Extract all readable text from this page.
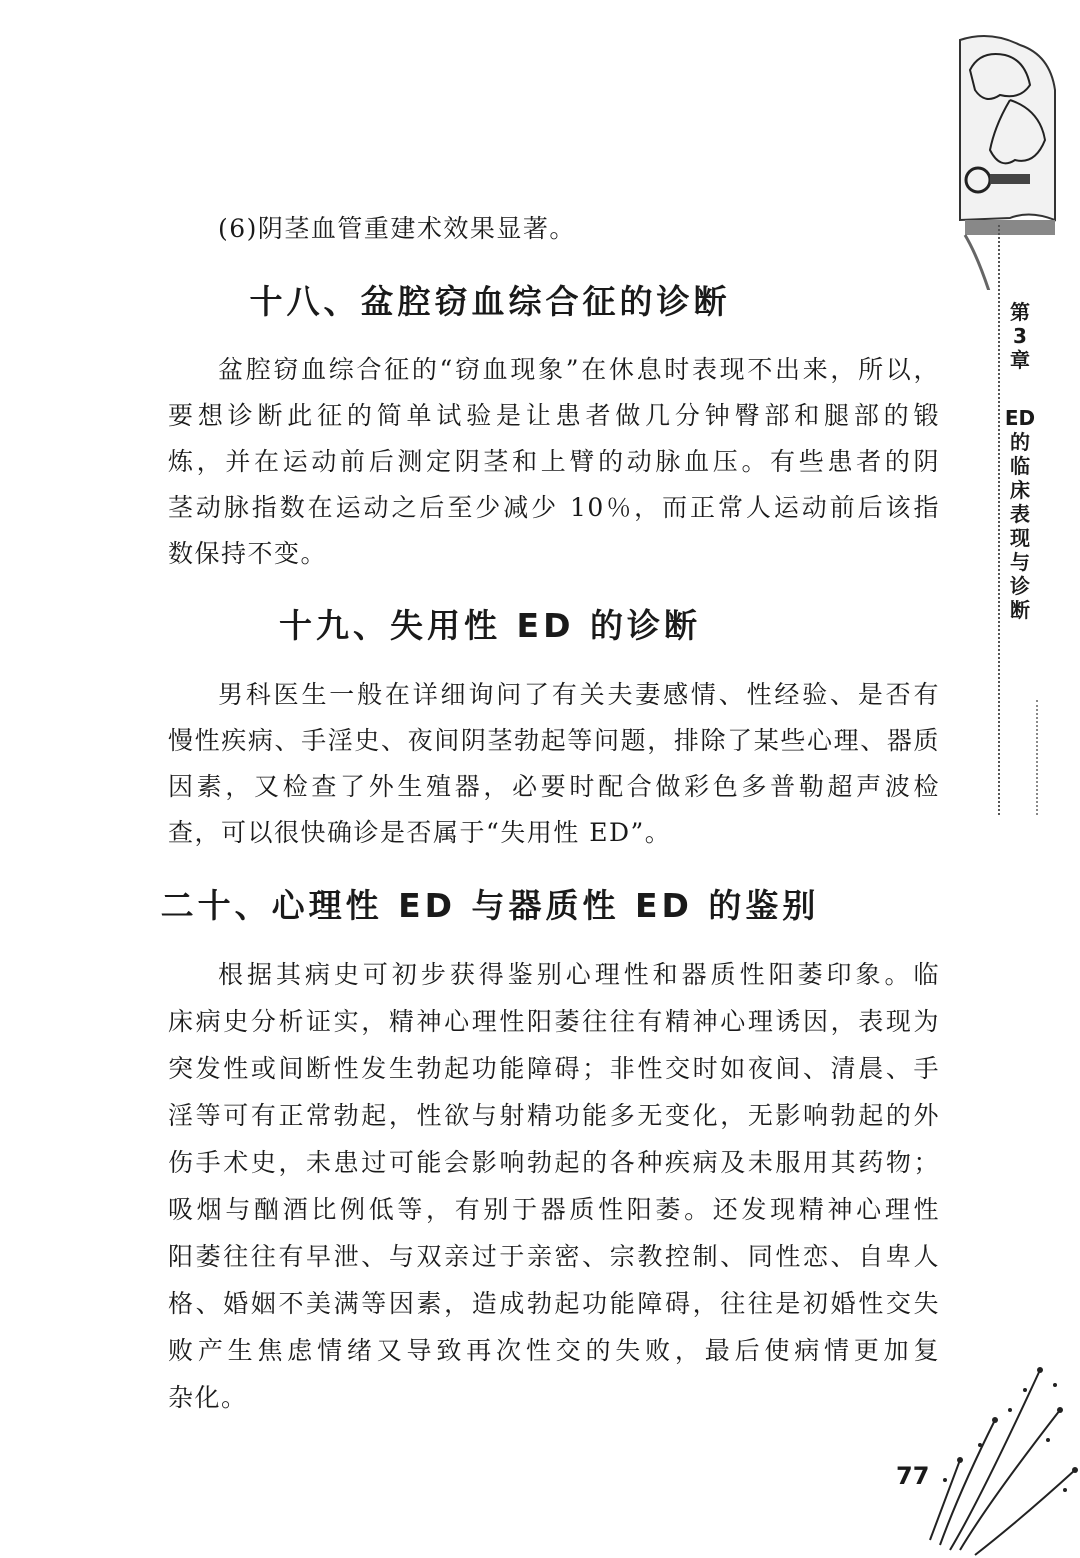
(6)阴茎血管重建术效果显著。
十八、盆腔窃血综合征的诊断
盆腔窃血综合征的“窃血现象”在休息时表现不出来，所以，
要想诊断此征的简单试验是让患者做几分钟臀部和腿部的锻
炼，并在运动前后测定阴茎和上臂的动脉血压。有些患者的阴
茎动脉指数在运动之后至少减少 10％，而正常人运动前后该指
数保持不变。
十九、失用性 ED 的诊断
男科医生一般在详细询问了有关夫妻感情、性经验、是否有
慢性疾病、手淫史、夜间阴茎勃起等问题，排除了某些心理、器质
因素，又检查了外生殖器，必要时配合做彩色多普勒超声波检
查，可以很快确诊是否属于“失用性 ED”。
二十、心理性 ED 与器质性 ED 的鉴别
根据其病史可初步获得鉴别心理性和器质性阳萎印象。临
床病史分析证实，精神心理性阳萎往往有精神心理诱因，表现为
突发性或间断性发生勃起功能障碍；非性交时如夜间、清晨、手
淫等可有正常勃起，性欲与射精功能多无变化，无影响勃起的外
伤手术史，未患过可能会影响勃起的各种疾病及未服用其药物；
吸烟与酗酒比例低等，有别于器质性阳萎。还发现精神心理性
阳萎往往有早泄、与双亲过于亲密、宗教控制、同性恋、自卑人
格、婚姻不美满等因素，造成勃起功能障碍，往往是初婚性交失
败产生焦虑情绪又导致再次性交的失败，最后使病情更加复
杂化。
第
3
章
ED
的
临
床
表
现
与
诊
断
77
